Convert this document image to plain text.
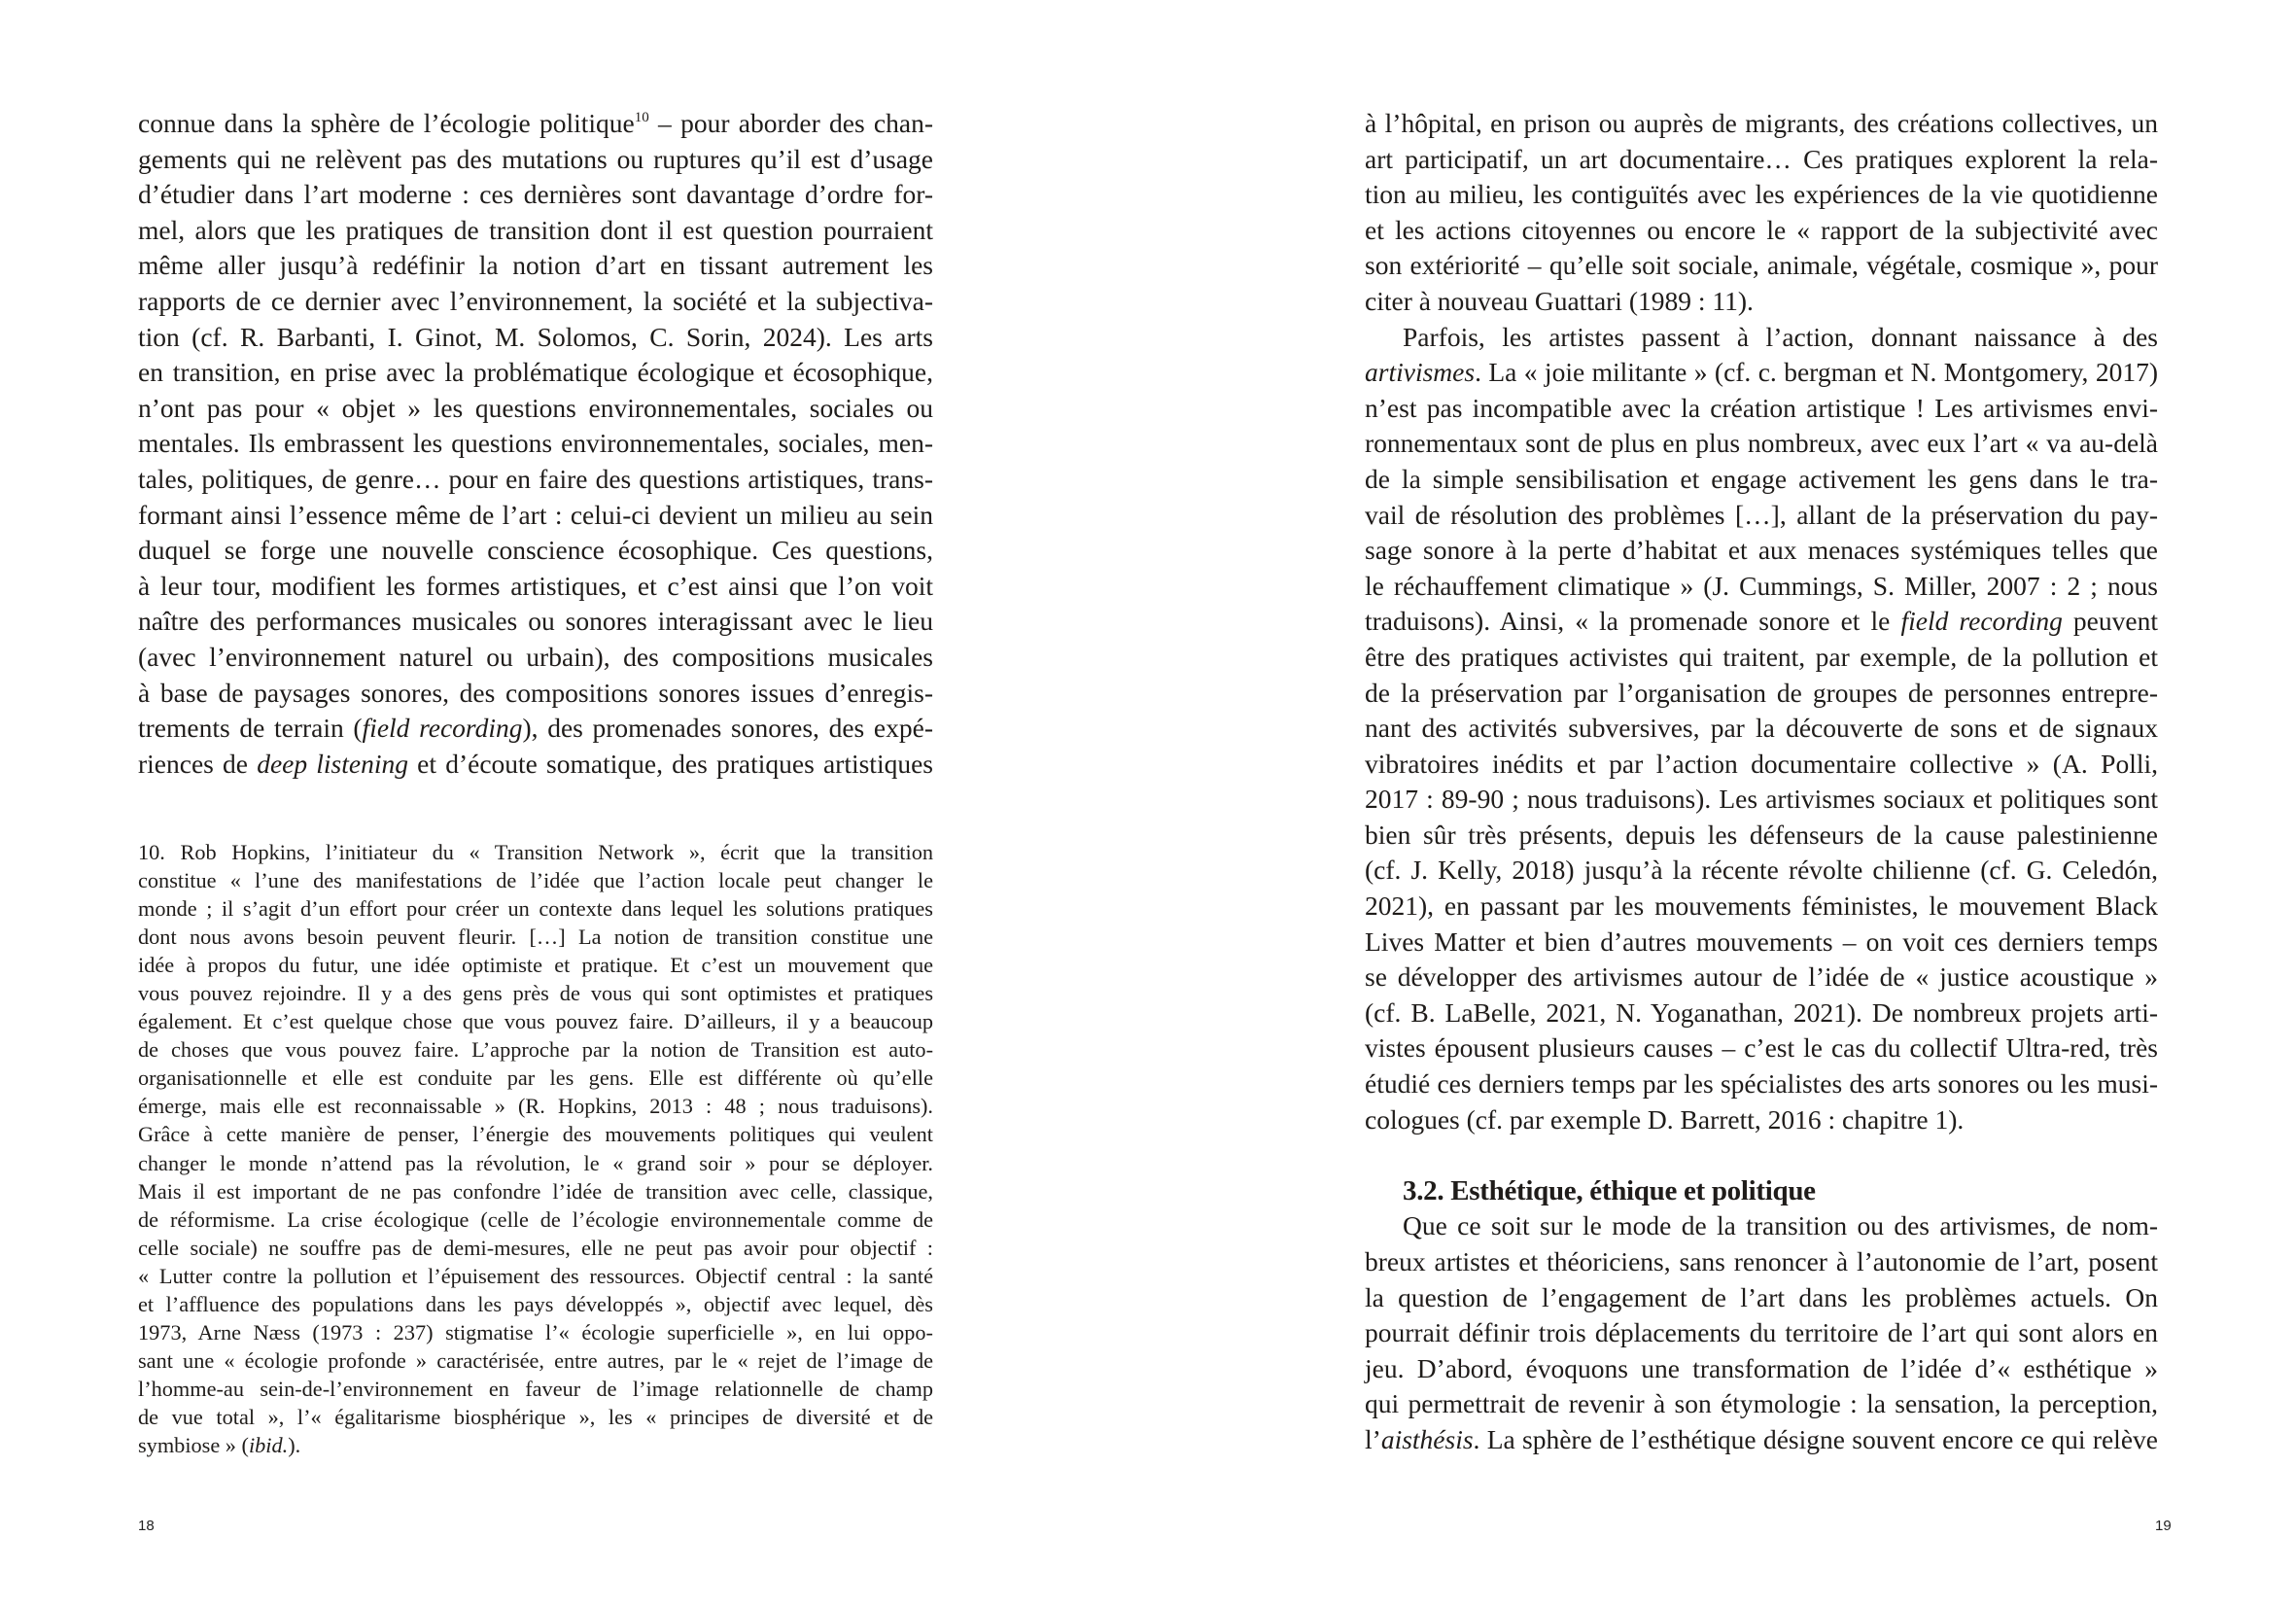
connue dans la sphère de l’écologie politique$^{10}$ – pour aborder des chan-
gements qui ne relèvent pas des mutations ou ruptures qu’il est d’usage
d’étudier dans l’art moderne : ces dernières sont davantage d’ordre for-
mel, alors que les pratiques de transition dont il est question pourraient
même aller jusqu’à redéfinir la notion d’art en tissant autrement les
rapports de ce dernier avec l’environnement, la société et la subjectiva-
tion (cf. R. Barbanti, I. Ginot, M. Solomos, C. Sorin, 2024). Les arts
en transition, en prise avec la problématique écologique et écosophique,
n’ont pas pour « objet » les questions environnementales, sociales ou
mentales. Ils embrassent les questions environnementales, sociales, men-
tales, politiques, de genre… pour en faire des questions artistiques, trans-
formant ainsi l’essence même de l’art : celui-ci devient un milieu au sein
duquel se forge une nouvelle conscience écosophique. Ces questions,
à leur tour, modifient les formes artistiques, et c’est ainsi que l’on voit
naître des performances musicales ou sonores interagissant avec le lieu
(avec l’environnement naturel ou urbain), des compositions musicales
à base de paysages sonores, des compositions sonores issues d’enregis-
trements de terrain (field recording), des promenades sonores, des expé-
riences de deep listening et d’écoute somatique, des pratiques artistiques
10. Rob Hopkins, l’initiateur du « Transition Network », écrit que la transition
constitue « l’une des manifestations de l’idée que l’action locale peut changer le
monde ; il s’agit d’un effort pour créer un contexte dans lequel les solutions pratiques
dont nous avons besoin peuvent fleurir. […] La notion de transition constitue une
idée à propos du futur, une idée optimiste et pratique. Et c’est un mouvement que
vous pouvez rejoindre. Il y a des gens près de vous qui sont optimistes et pratiques
également. Et c’est quelque chose que vous pouvez faire. D’ailleurs, il y a beaucoup
de choses que vous pouvez faire. L’approche par la notion de Transition est auto-
organisationnelle et elle est conduite par les gens. Elle est différente où qu’elle
émerge, mais elle est reconnaissable » (R. Hopkins, 2013 : 48 ; nous traduisons).
Grâce à cette manière de penser, l’énergie des mouvements politiques qui veulent
changer le monde n’attend pas la révolution, le « grand soir » pour se déployer.
Mais il est important de ne pas confondre l’idée de transition avec celle, classique,
de réformisme. La crise écologique (celle de l’écologie environnementale comme de
celle sociale) ne souffre pas de demi-mesures, elle ne peut pas avoir pour objectif :
« Lutter contre la pollution et l’épuisement des ressources. Objectif central : la santé
et l’affluence des populations dans les pays développés », objectif avec lequel, dès
1973, Arne Næss (1973 : 237) stigmatise l’« écologie superficielle », en lui oppo-
sant une « écologie profonde » caractérisée, entre autres, par le « rejet de l’image de
l’homme-au sein-de-l’environnement en faveur de l’image relationnelle de champ
de vue total », l’« égalitarisme biosphérique », les « principes de diversité et de
symbiose » (ibid.).
18
à l’hôpital, en prison ou auprès de migrants, des créations collectives, un
art participatif, un art documentaire… Ces pratiques explorent la rela-
tion au milieu, les contiguïtés avec les expériences de la vie quotidienne
et les actions citoyennes ou encore le « rapport de la subjectivité avec
son extériorité – qu’elle soit sociale, animale, végétale, cosmique », pour
citer à nouveau Guattari (1989 : 11).
Parfois, les artistes passent à l’action, donnant naissance à des
artivismes. La « joie militante » (cf. c. bergman et N. Montgomery, 2017)
n’est pas incompatible avec la création artistique ! Les artivismes envi-
ronnementaux sont de plus en plus nombreux, avec eux l’art « va au-delà
de la simple sensibilisation et engage activement les gens dans le tra-
vail de résolution des problèmes […], allant de la préservation du pay-
sage sonore à la perte d’habitat et aux menaces systémiques telles que
le réchauffement climatique » (J. Cummings, S. Miller, 2007 : 2 ; nous
traduisons). Ainsi, « la promenade sonore et le field recording peuvent
être des pratiques activistes qui traitent, par exemple, de la pollution et
de la préservation par l’organisation de groupes de personnes entrepre-
nant des activités subversives, par la découverte de sons et de signaux
vibratoires inédits et par l’action documentaire collective » (A. Polli,
2017 : 89-90 ; nous traduisons). Les artivismes sociaux et politiques sont
bien sûr très présents, depuis les défenseurs de la cause palestinienne
(cf. J. Kelly, 2018) jusqu’à la récente révolte chilienne (cf. G. Celedón,
2021), en passant par les mouvements féministes, le mouvement Black
Lives Matter et bien d’autres mouvements – on voit ces derniers temps
se développer des artivismes autour de l’idée de « justice acoustique »
(cf. B. LaBelle, 2021, N. Yoganathan, 2021). De nombreux projets arti-
vistes épousent plusieurs causes – c’est le cas du collectif Ultra-red, très
étudié ces derniers temps par les spécialistes des arts sonores ou les musi-
cologues (cf. par exemple D. Barrett, 2016 : chapitre 1).
3.2. Esthétique, éthique et politique
Que ce soit sur le mode de la transition ou des artivismes, de nom-
breux artistes et théoriciens, sans renoncer à l’autonomie de l’art, posent
la question de l’engagement de l’art dans les problèmes actuels. On
pourrait définir trois déplacements du territoire de l’art qui sont alors en
jeu. D’abord, évoquons une transformation de l’idée d’« esthétique »
qui permettrait de revenir à son étymologie : la sensation, la perception,
l’aisthésis. La sphère de l’esthétique désigne souvent encore ce qui relève
19
